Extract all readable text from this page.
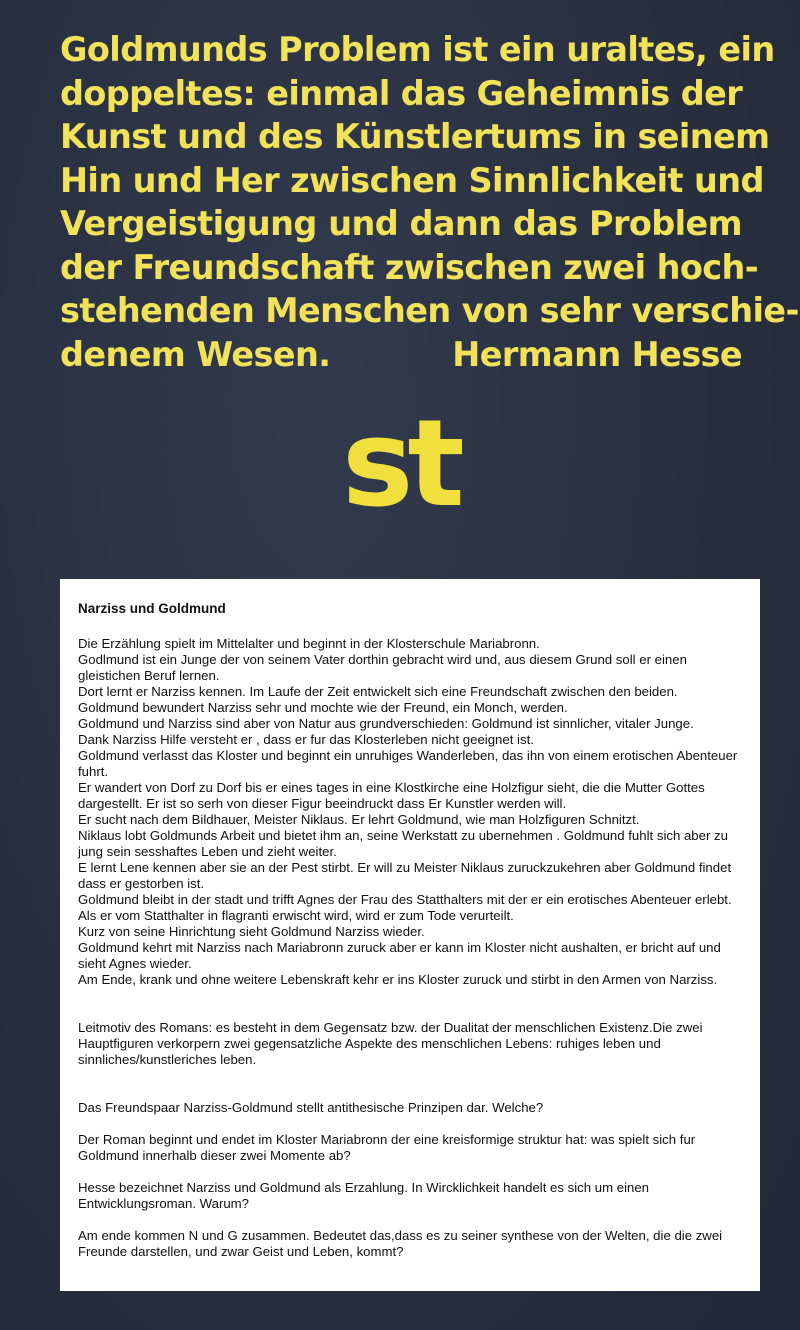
Goldmunds Problem ist ein uraltes, ein
doppeltes: einmal das Geheimnis der
Kunst und des Künstlertums in seinem
Hin und Her zwischen Sinnlichkeit und
Vergeistigung und dann das Problem
der Freundschaft zwischen zwei hoch-
stehenden Menschen von sehr verschie-
denem Wesen.	Hermann Hesse
st

Narziss und Goldmund

Die Erzählung spielt im Mittelalter und beginnt in der Klosterschule Mariabronn.

Godlmund ist ein Junge der von seinem Vater dorthin gebracht wird und, aus diesem Grund soll er einen gleistichen Beruf lernen.

Dort lernt er Narziss kennen. Im Laufe der Zeit entwickelt sich eine Freundschaft zwischen den beiden.

Goldmund bewundert Narziss sehr und mochte wie der Freund, ein Monch, werden.

Goldmund und Narziss sind aber von Natur aus grundverschieden: Goldmund ist sinnlicher, vitaler Junge.

Dank Narziss Hilfe versteht er , dass er fur das Klosterleben nicht geeignet ist.

Goldmund verlasst das Kloster und beginnt ein unruhiges Wanderleben, das ihn von einem erotischen Abenteuer fuhrt.

Er wandert von Dorf zu Dorf bis er eines tages in eine Klostkirche eine Holzfigur sieht, die die Mutter Gottes dargestellt. Er ist so serh von dieser Figur beeindruckt dass Er Kunstler werden will.

Er sucht nach dem Bildhauer, Meister Niklaus. Er lehrt Goldmund, wie man Holzfiguren Schnitzt.

Niklaus lobt Goldmunds Arbeit und bietet ihm an, seine Werkstatt zu ubernehmen . Goldmund fuhlt sich aber zu jung sein sesshaftes Leben und zieht weiter.

E lernt Lene kennen aber sie an der Pest stirbt. Er will zu Meister Niklaus zuruckzukehren aber Goldmund findet dass er gestorben ist.

Goldmund bleibt in der stadt und trifft Agnes der Frau des Statthalters mit der er ein erotisches Abenteuer erlebt. Als er vom Statthalter in flagranti erwischt wird, wird er zum Tode verurteilt.

Kurz von seine Hinrichtung sieht Goldmund Narziss wieder.

Goldmund kehrt mit Narziss nach Mariabronn zuruck aber er kann im Kloster nicht aushalten, er bricht auf und sieht Agnes wieder.

Am Ende, krank und ohne weitere Lebenskraft kehr er ins Kloster zuruck und stirbt in den Armen von Narziss.

Leitmotiv des Romans: es besteht in dem Gegensatz bzw. der Dualitat der menschlichen Existenz.Die zwei Hauptfiguren verkorpern zwei gegensatzliche Aspekte des menschlichen Lebens: ruhiges leben und sinnliches/kunstleriches leben.

Das Freundspaar Narziss-Goldmund stellt antithesische Prinzipen dar. Welche?

Der Roman beginnt und endet im Kloster Mariabronn der eine kreisformige struktur hat: was spielt sich fur Goldmund innerhalb dieser zwei Momente ab?

Hesse bezeichnet Narziss und Goldmund als Erzahlung. In Wircklichkeit handelt es sich um einen Entwicklungsroman. Warum?

Am ende kommen N und G zusammen. Bedeutet das,dass es zu seiner synthese von der Welten, die die zwei Freunde darstellen, und zwar Geist und Leben, kommt?
